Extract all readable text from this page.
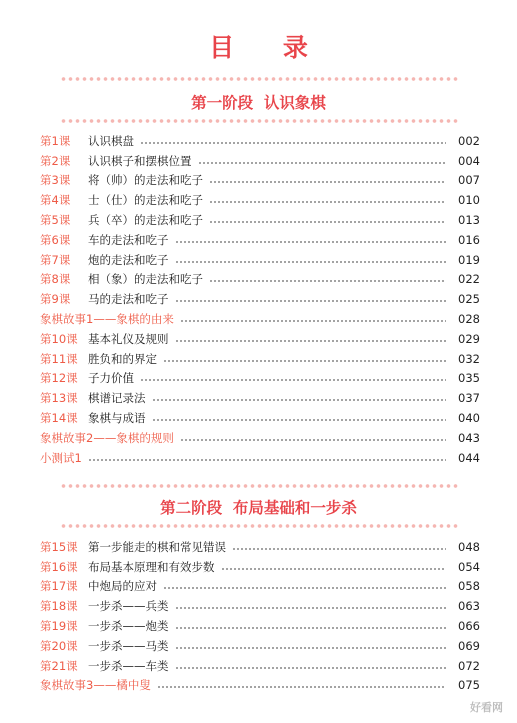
目 录
第一阶段  认识象棋
第1课	认识棋盘	002
第2课	认识棋子和摆棋位置	004
第3课	将（帅）的走法和吃子	007
第4课	士（仕）的走法和吃子	010
第5课	兵（卒）的走法和吃子	013
第6课	车的走法和吃子	016
第7课	炮的走法和吃子	019
第8课	相（象）的走法和吃子	022
第9课	马的走法和吃子	025
象棋故事1——象棋的由来	028
第10课 基本礼仪及规则	029
第11课 胜负和的界定	032
第12课 子力价值	035
第13课 棋谱记录法	037
第14课 象棋与成语	040
象棋故事2——象棋的规则	043
小测试1	044
第二阶段  布局基础和一步杀
第15课 第一步能走的棋和常见错误	048
第16课 布局基本原理和有效步数	054
第17课 中炮局的应对	058
第18课 一步杀——兵类	063
第19课 一步杀——炮类	066
第20课 一步杀——马类	069
第21课 一步杀——车类	072
象棋故事3——橘中叟	075
好看网
